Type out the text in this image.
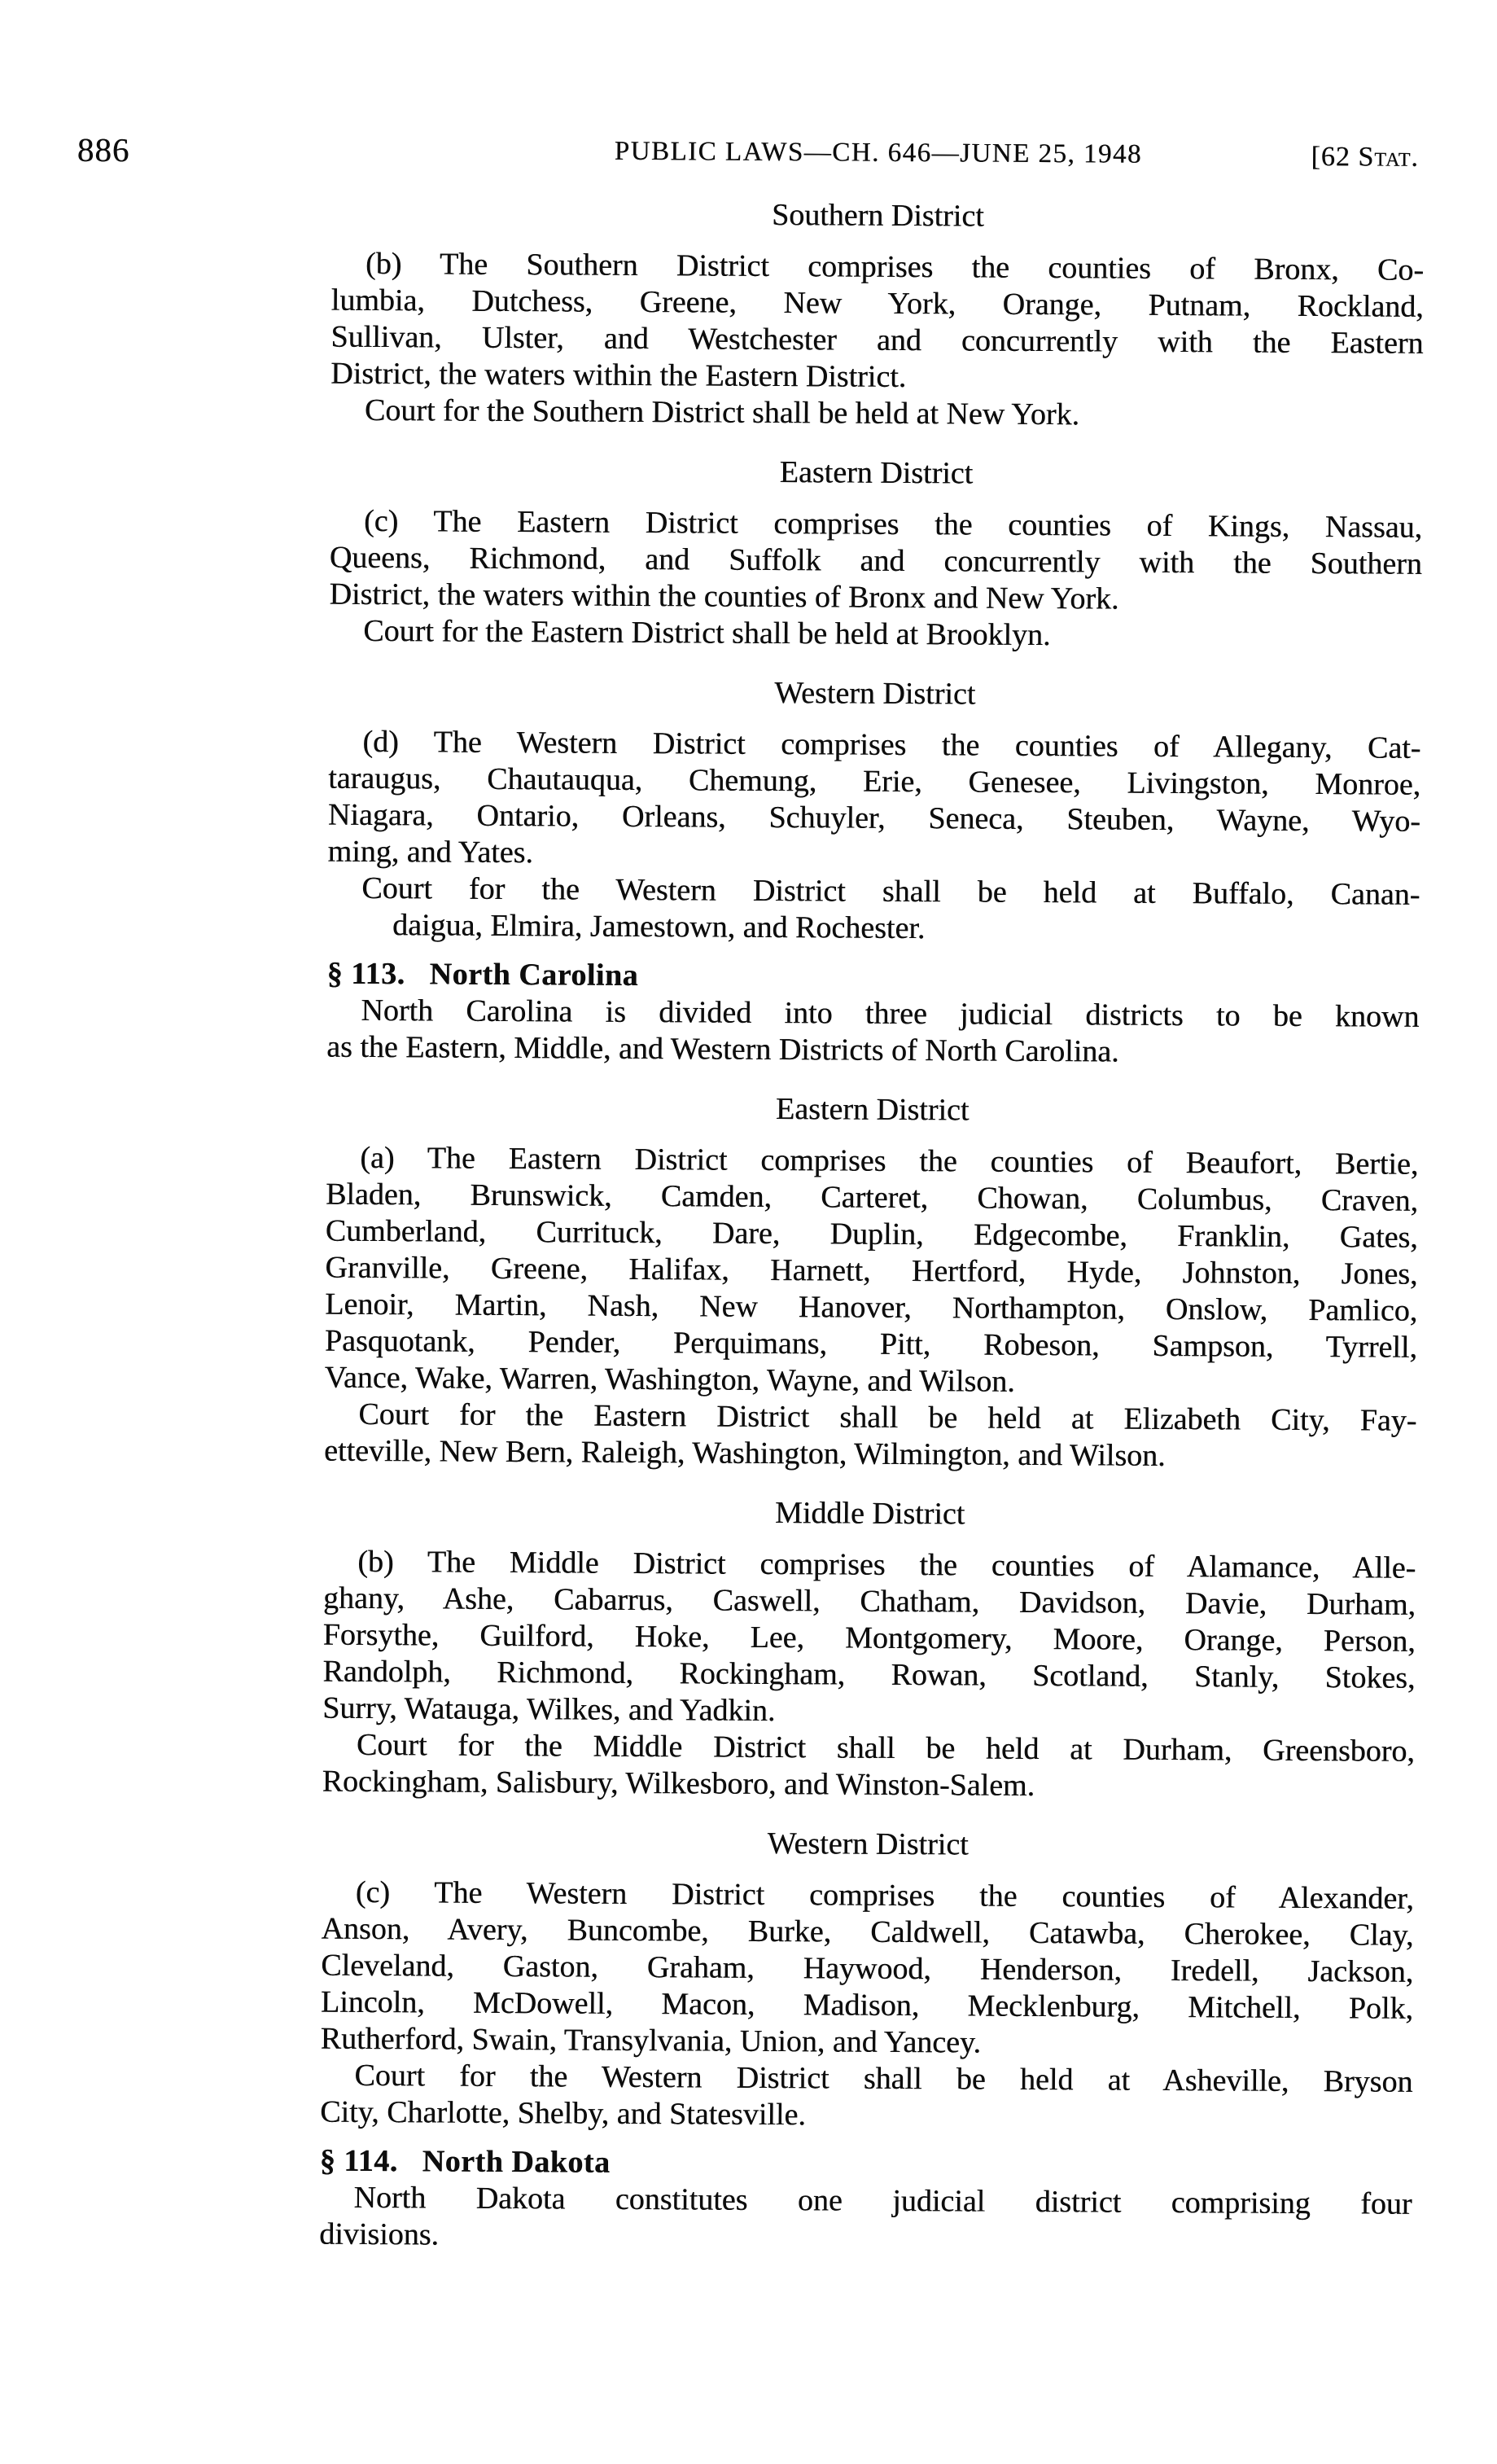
886	PUBLIC LAWS—CH. 646—JUNE 25, 1948	[62 Stat.
Southern District
(b) The Southern District comprises the counties of Bronx, Co-
lumbia, Dutchess, Greene, New York, Orange, Putnam, Rockland,
Sullivan, Ulster, and Westchester and concurrently with the Eastern
District, the waters within the Eastern District.
Court for the Southern District shall be held at New York.
Eastern District
(c) The Eastern District comprises the counties of Kings, Nassau,
Queens, Richmond, and Suffolk and concurrently with the Southern
District, the waters within the counties of Bronx and New York.
Court for the Eastern District shall be held at Brooklyn.
Western District
(d) The Western District comprises the counties of Allegany, Cat-
taraugus, Chautauqua, Chemung, Erie, Genesee, Livingston, Monroe,
Niagara, Ontario, Orleans, Schuyler, Seneca, Steuben, Wayne, Wyo-
ming, and Yates.
Court for the Western District shall be held at Buffalo, Canan-
daigua, Elmira, Jamestown, and Rochester.
§ 113. North Carolina
North Carolina is divided into three judicial districts to be known
as the Eastern, Middle, and Western Districts of North Carolina.
Eastern District
(a) The Eastern District comprises the counties of Beaufort, Bertie,
Bladen, Brunswick, Camden, Carteret, Chowan, Columbus, Craven,
Cumberland, Currituck, Dare, Duplin, Edgecombe, Franklin, Gates,
Granville, Greene, Halifax, Harnett, Hertford, Hyde, Johnston, Jones,
Lenoir, Martin, Nash, New Hanover, Northampton, Onslow, Pamlico,
Pasquotank, Pender, Perquimans, Pitt, Robeson, Sampson, Tyrrell,
Vance, Wake, Warren, Washington, Wayne, and Wilson.
Court for the Eastern District shall be held at Elizabeth City, Fay-
etteville, New Bern, Raleigh, Washington, Wilmington, and Wilson.
Middle District
(b) The Middle District comprises the counties of Alamance, Alle-
ghany, Ashe, Cabarrus, Caswell, Chatham, Davidson, Davie, Durham,
Forsythe, Guilford, Hoke, Lee, Montgomery, Moore, Orange, Person,
Randolph, Richmond, Rockingham, Rowan, Scotland, Stanly, Stokes,
Surry, Watauga, Wilkes, and Yadkin.
Court for the Middle District shall be held at Durham, Greensboro,
Rockingham, Salisbury, Wilkesboro, and Winston-Salem.
Western District
(c) The Western District comprises the counties of Alexander,
Anson, Avery, Buncombe, Burke, Caldwell, Catawba, Cherokee, Clay,
Cleveland, Gaston, Graham, Haywood, Henderson, Iredell, Jackson,
Lincoln, McDowell, Macon, Madison, Mecklenburg, Mitchell, Polk,
Rutherford, Swain, Transylvania, Union, and Yancey.
Court for the Western District shall be held at Asheville, Bryson
City, Charlotte, Shelby, and Statesville.
§ 114. North Dakota
North Dakota constitutes one judicial district comprising four
divisions.
